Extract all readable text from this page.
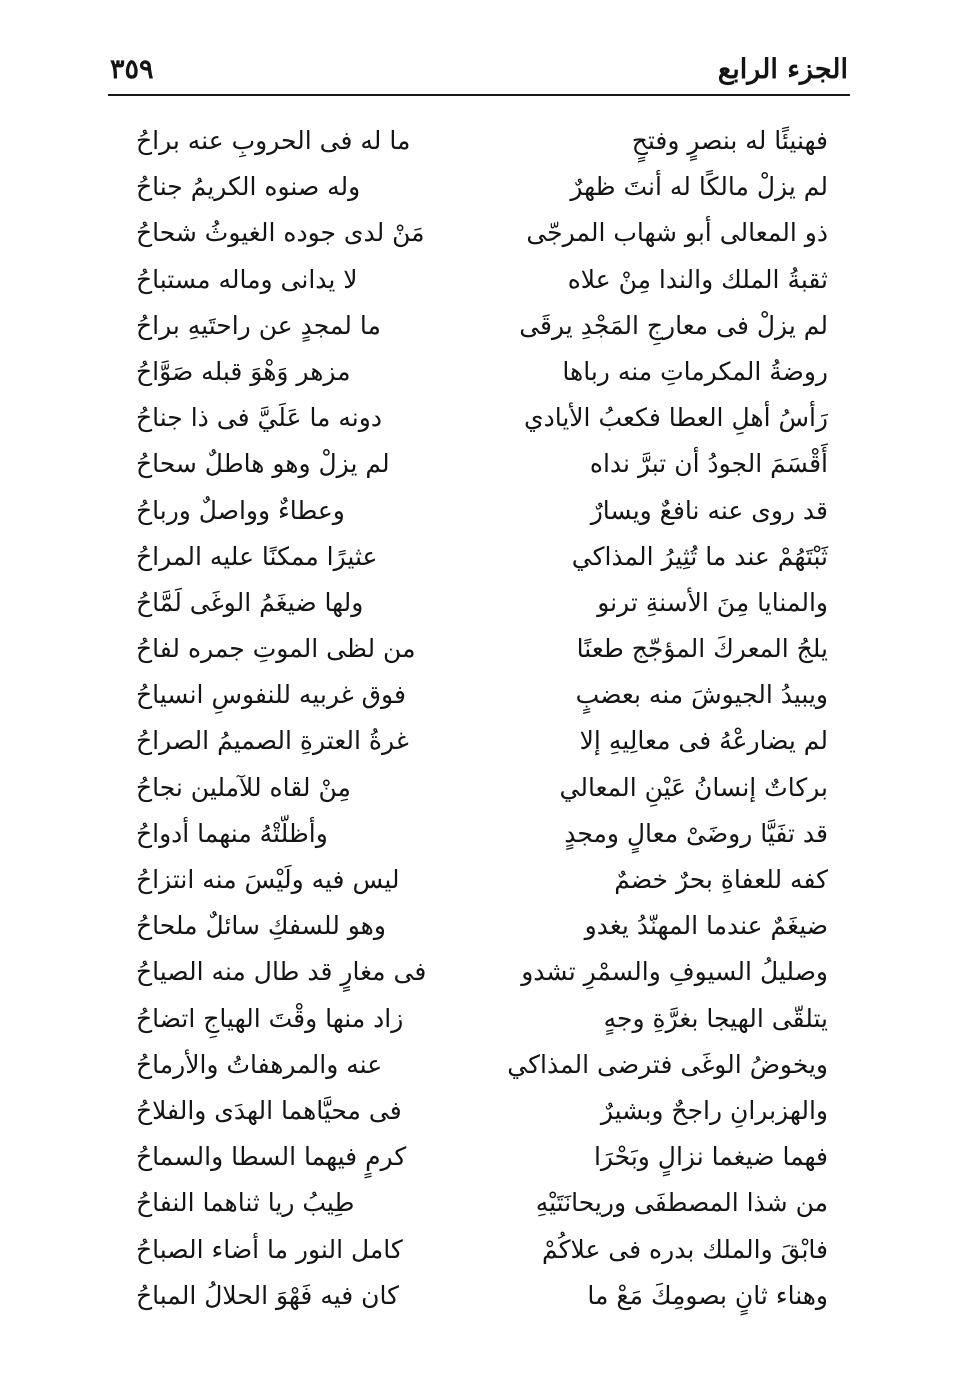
الجزء الرابع
٣٥٩
فهنيئًا له بنصرٍ وفتحٍ
ما له فى الحروبِ عنه براحُ
لم يزلْ مالكًا له أنتَ ظهرٌ
وله صنوه الكريمُ جناحُ
ذو المعالى أبو شهاب المرجّى
مَنْ لدى جوده الغيوثُ شحاحُ
ثقبةُ الملك والندا مِنْ علاه
لا يدانى وماله مستباحُ
لم يزلْ فى معارجِ المَجْدِ يرقَى
ما لمجدٍ عن راحتَيهِ براحُ
روضةُ المكرماتِ منه رباها
مزهر وَهْوَ قبله صَوَّاحُ
رَأسُ أهلِ العطا فكعبُ الأيادي
دونه ما عَلَيَّ فى ذا جناحُ
أَقْسَمَ الجودُ أن تبرَّ نداه
لم يزلْ وهو هاطلٌ سحاحُ
قد روى عنه نافعٌ ويسارٌ
وعطاءٌ وواصلٌ ورباحُ
ثَبْتَهُمْ عند ما تُثِيرُ المذاكي
عثيرًا ممكنًا عليه المراحُ
والمنايا مِنَ الأسنةِ ترنو
ولها ضيغَمُ الوغَى لَمَّاحُ
يلجُ المعركَ المؤجّج طعنًا
من لظى الموتِ جمره لفاحُ
ويبيدُ الجيوشَ منه بعضبٍ
فوق غربيه للنفوسِ انسياحُ
لم يضارعْهُ فى معالِيهِ إلا
غرةُ العترةِ الصميمُ الصراحُ
بركاتٌ إنسانُ عَيْنِ المعالي
مِنْ لقاه للآملين نجاحُ
قد تفَيَّا روضَىْ معالٍ ومجدٍ
وأظلّتْهُ منهما أدواحُ
كفه للعفاةِ بحرٌ خضمٌ
ليس فيه ولَيْسَ منه انتزاحُ
ضيغَمٌ عندما المهنّدُ يغدو
وهو للسفكِ سائلٌ ملحاحُ
وصليلُ السيوفِ والسمْرِ تشدو
فى مغارٍ قد طال منه الصياحُ
يتلقّى الهيجا بغرَّةِ وجهٍ
زاد منها وقْتَ الهياجِ اتضاحُ
ويخوضُ الوغَى فترضى المذاكي
عنه والمرهفاتُ والأرماحُ
والهزبرانِ راجحٌ وبشيرٌ
فى محيَّاهما الهدَى والفلاحُ
فهما ضيغما نزالٍ وبَحْرَا
كرمٍ فيهما السطا والسماحُ
من شذا المصطفَى وريحانَتَيْهِ
طِيبُ ريا ثناهما النفاحُ
فابْقَ والملك بدره فى علاكُمْ
كامل النور ما أضاء الصباحُ
وهناء ثانٍ بصومِكَ مَعْ ما
كان فيه فَهْوَ الحلالُ المباحُ
